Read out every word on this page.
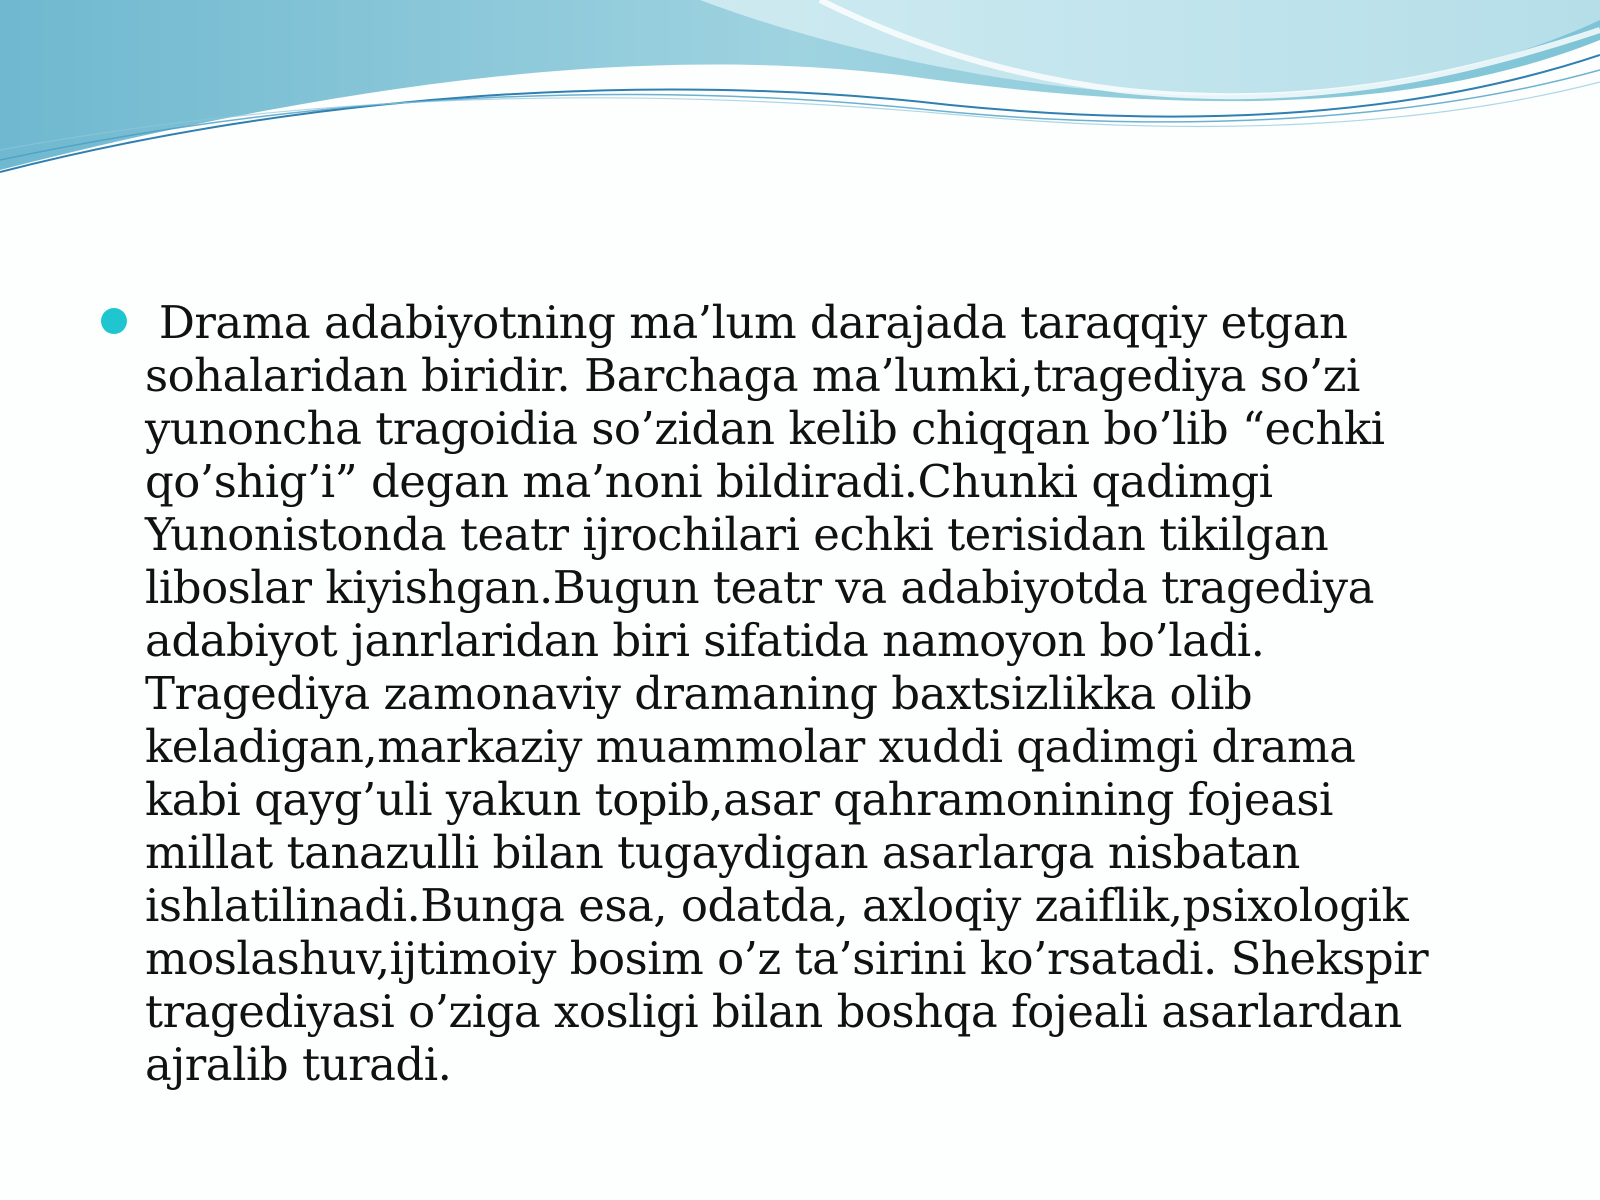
Drama adabiyotning ma’lum darajada taraqqiy etgan
sohalaridan biridir. Barchaga ma’lumki,tragediya so’zi
yunoncha tragoidia so’zidan kelib chiqqan bo’lib “echki
qo’shig’i” degan ma’noni bildiradi.Chunki qadimgi
Yunonistonda teatr ijrochilari echki terisidan tikilgan
liboslar kiyishgan.Bugun teatr va adabiyotda tragediya
adabiyot janrlaridan biri sifatida namoyon bo’ladi.
Tragediya zamonaviy dramaning baxtsizlikka olib
keladigan,markaziy muammolar xuddi qadimgi drama
kabi qayg’uli yakun topib,asar qahramonining fojeasi
millat tanazulli bilan tugaydigan asarlarga nisbatan
ishlatilinadi.Bunga esa, odatda, axloqiy zaiflik,psixologik
moslashuv,ijtimoiy bosim o’z ta’sirini ko’rsatadi. Shekspir
tragediyasi o’ziga xosligi bilan boshqa fojeali asarlardan
ajralib turadi.
